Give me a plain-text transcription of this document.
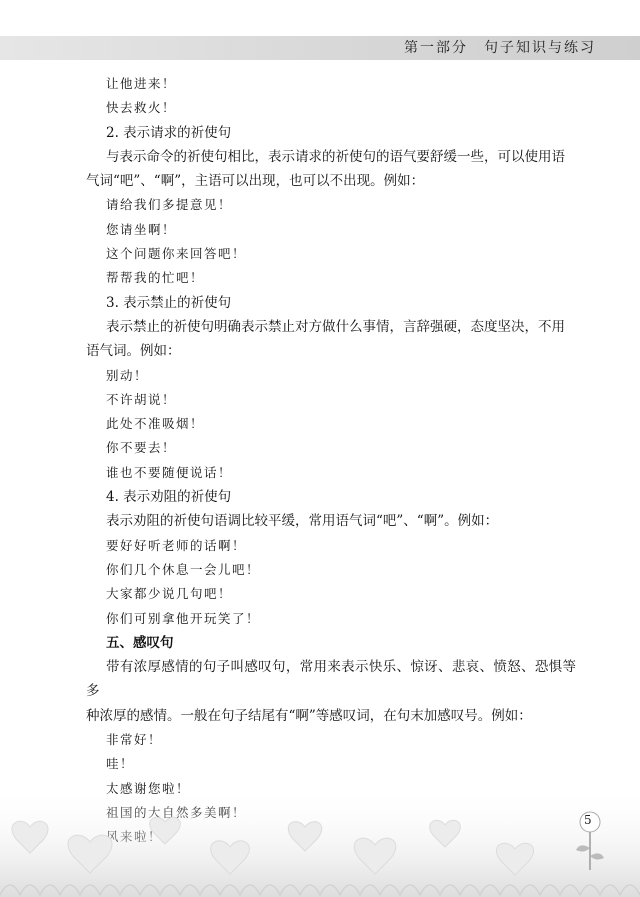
第一部分　句子知识与练习
让他进来！
快去救火！
2. 表示请求的祈使句
与表示命令的祈使句相比，表示请求的祈使句的语气要舒缓一些，可以使用语
气词“吧”、“啊”，主语可以出现，也可以不出现。例如：
请给我们多提意见！
您请坐啊！
这个问题你来回答吧！
帮帮我的忙吧！
3. 表示禁止的祈使句
表示禁止的祈使句明确表示禁止对方做什么事情，言辞强硬，态度坚决，不用
语气词。例如：
别动！
不许胡说！
此处不准吸烟！
你不要去！
谁也不要随便说话！
4. 表示劝阻的祈使句
表示劝阻的祈使句语调比较平缓，常用语气词“吧”、“啊”。例如：
要好好听老师的话啊！
你们几个休息一会儿吧！
大家都少说几句吧！
你们可别拿他开玩笑了！
五、感叹句
带有浓厚感情的句子叫感叹句，常用来表示快乐、惊讶、悲哀、愤怒、恐惧等多
种浓厚的感情。一般在句子结尾有“啊”等感叹词，在句末加感叹号。例如：
非常好！
哇！
5
